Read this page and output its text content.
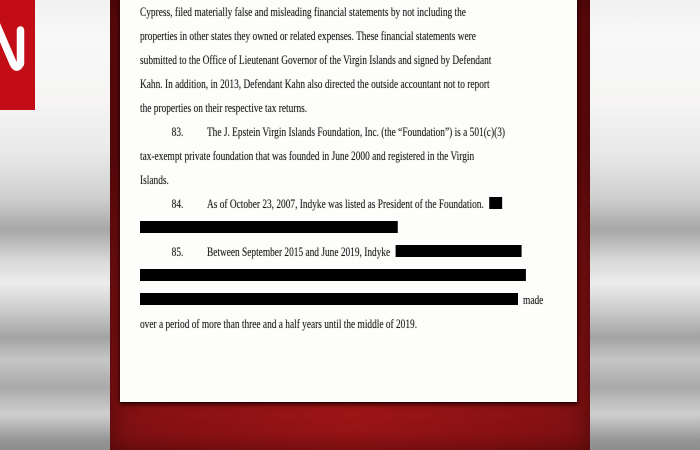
Cypress, filed materially false and misleading financial statements by not including the
properties in other states they owned or related expenses. These financial statements were
submitted to the Office of Lieutenant Governor of the Virgin Islands and signed by Defendant
Kahn. In addition, in 2013, Defendant Kahn also directed the outside accountant not to report
the properties on their respective tax returns.
83. The J. Epstein Virgin Islands Foundation, Inc. (the “Foundation”) is a 501(c)(3)
tax-exempt private foundation that was founded in June 2000 and registered in the Virgin
Islands.
84. As of October 23, 2007, Indyke was listed as President of the Foundation.
85. Between September 2015 and June 2019, Indyke
made
over a period of more than three and a half years until the middle of 2019.
